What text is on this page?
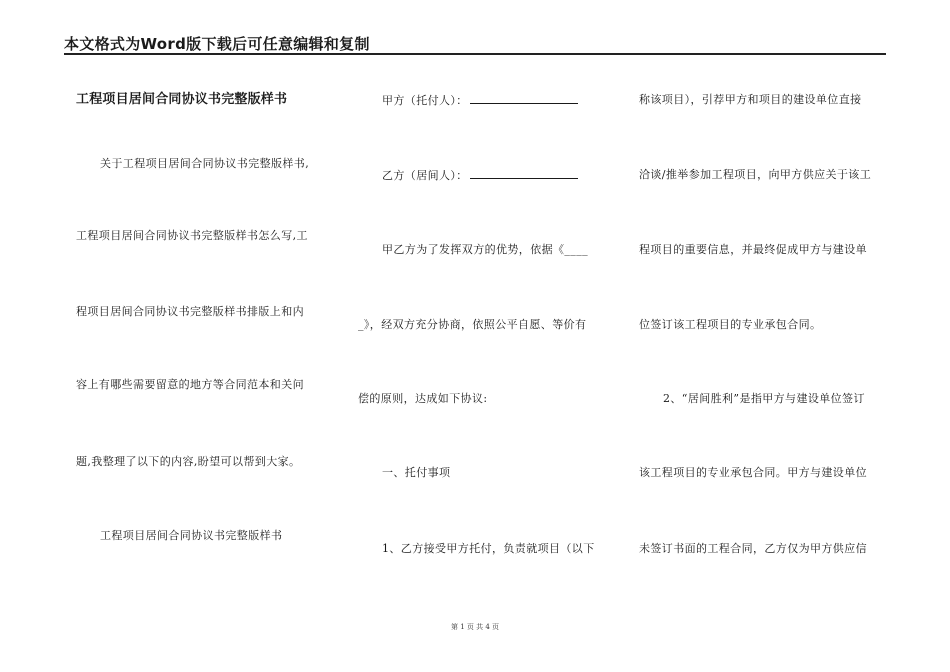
本文格式为Word版下载后可任意编辑和复制
工程项目居间合同协议书完整版样书
关于工程项目居间合同协议书完整版样书,
工程项目居间合同协议书完整版样书怎么写,工
程项目居间合同协议书完整版样书排版上和内
容上有哪些需要留意的地方等合同范本和关问
题,我整理了以下的内容,盼望可以帮到大家。
工程项目居间合同协议书完整版样书
甲方（托付人）：
乙方（居间人）：
甲乙方为了发挥双方的优势，依据《____
_》，经双方充分协商，依照公平自愿、等价有
偿的原则，达成如下协议:
一、托付事项
1、乙方接受甲方托付，负责就项目（以下
称该项目），引荐甲方和项目的建设单位直接
洽谈/推举参加工程项目，向甲方供应关于该工
程项目的重要信息，并最终促成甲方与建设单
位签订该工程项目的专业承包合同。
2、“居间胜利”是指甲方与建设单位签订
该工程项目的专业承包合同。甲方与建设单位
未签订书面的工程合同，乙方仅为甲方供应信
第 1 页 共 4 页
